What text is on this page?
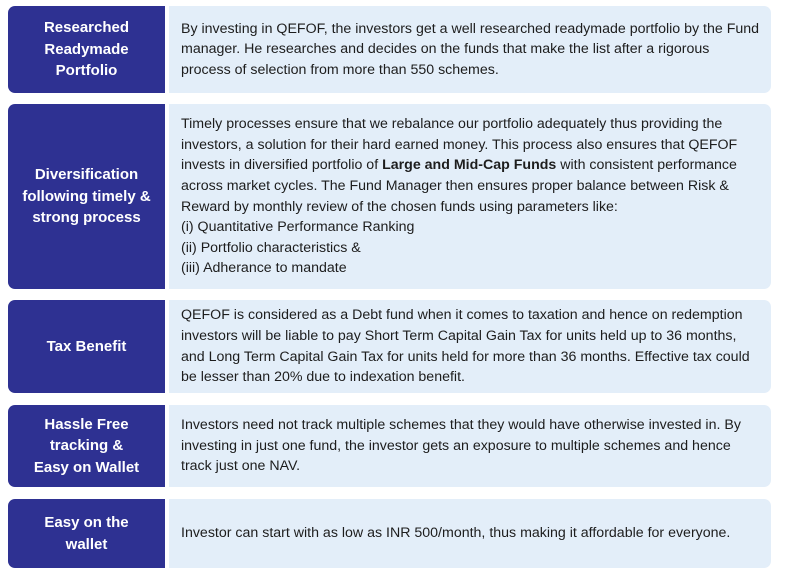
Researched Readymade Portfolio
By investing in QEFOF, the investors get a well researched readymade portfolio by the Fund manager. He researches and decides on the funds that make the list after a rigorous process of selection from more than 550 schemes.
Diversification following timely & strong process
Timely processes ensure that we rebalance our portfolio adequately thus providing the investors, a solution for their hard earned money. This process also ensures that QEFOF invests in diversified portfolio of Large and Mid-Cap Funds with consistent performance across market cycles. The Fund Manager then ensures proper balance between Risk & Reward by monthly review of the chosen funds using parameters like:
(i) Quantitative Performance Ranking
(ii) Portfolio characteristics &
(iii) Adherance to mandate
Tax Benefit
QEFOF is considered as a Debt fund when it comes to taxation and hence on redemption investors will be liable to pay Short Term Capital Gain Tax for units held up to 36 months, and Long Term Capital Gain Tax for units held for more than 36 months. Effective tax could be lesser than 20% due to indexation benefit.
Hassle Free tracking & Easy on Wallet
Investors need not track multiple schemes that they would have otherwise invested in. By investing in just one fund, the investor gets an exposure to multiple schemes and hence track just one NAV.
Easy on the wallet
Investor can start with as low as INR 500/month, thus making it affordable for everyone.
